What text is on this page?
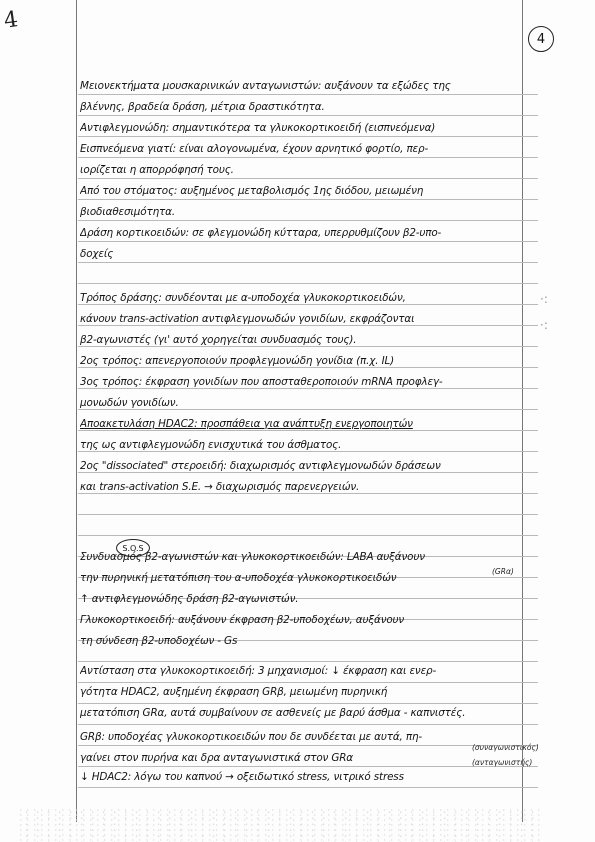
4
4
Μειονεκτήματα μουσκαρινικών ανταγωνιστών: αυξάνουν τα εξώδες της
βλέννης, βραδεία δράση, μέτρια δραστικότητα.
Αντιφλεγμονώδη: σημαντικότερα τα γλυκοκορτικοειδή (εισπνεόμενα)
Εισπνεόμενα γιατί: είναι αλογονωμένα, έχουν αρνητικό φορτίο, περ-
ιορίζεται η απορρόφησή τους.
Από του στόματος: αυξημένος μεταβολισμός 1ης διόδου, μειωμένη
βιοδιαθεσιμότητα.
Δράση κορτικοειδών: σε φλεγμονώδη κύτταρα, υπερρυθμίζουν β2-υπο-
δοχείς
Τρόπος δράσης: συνδέονται με α-υποδοχέα γλυκοκορτικοειδών,
κάνουν trans-activation αντιφλεγμονωδών γονιδίων, εκφράζονται
β2-αγωνιστές (γι' αυτό χορηγείται συνδυασμός τους).
2ος τρόπος: απενεργοποιούν προφλεγμονώδη γονίδια (π.χ. IL)
3ος τρόπος: έκφραση γονιδίων που αποσταθεροποιούν mRNA προφλεγ-
μονωδών γονιδίων.
Αποακετυλάση HDAC2: προσπάθεια για ανάπτυξη ενεργοποιητών
της ως αντιφλεγμονώδη ενισχυτικά του άσθματος.
2ος "dissociated" στεροειδή: διαχωρισμός αντιφλεγμονωδών δράσεων
και trans-activation S.E. → διαχωρισμός παρενεργειών.
·:
·:
S.O.S
Συνδυασμός β2-αγωνιστών και γλυκοκορτικοειδών: LABA αυξάνουν
(GRα)
την πυρηνική μετατόπιση του α-υποδοχέα γλυκοκορτικοειδών
↑ αντιφλεγμονώδης δράση β2-αγωνιστών.
Γλυκοκορτικοειδή: αυξάνουν έκφραση β2-υποδοχέων, αυξάνουν
τη σύνδεση β2-υποδοχέων - Gs
Αντίσταση στα γλυκοκορτικοειδή: 3 μηχανισμοί: ↓ έκφραση και ενερ-
γότητα HDAC2, αυξημένη έκφραση GRβ, μειωμένη πυρηνική
μετατόπιση GRα, αυτά συμβαίνουν σε ασθενείς με βαρύ άσθμα - καπνιστές.
GRβ: υποδοχέας γλυκοκορτικοειδών που δε συνδέεται με αυτά, πη-
(συναγωνιστικός)
γαίνει στον πυρήνα και δρα ανταγωνιστικά στον GRα	(ανταγωνιστής)
↓ HDAC2: λόγω του καπνού → οξειδωτικό stress, νιτρικό stress
